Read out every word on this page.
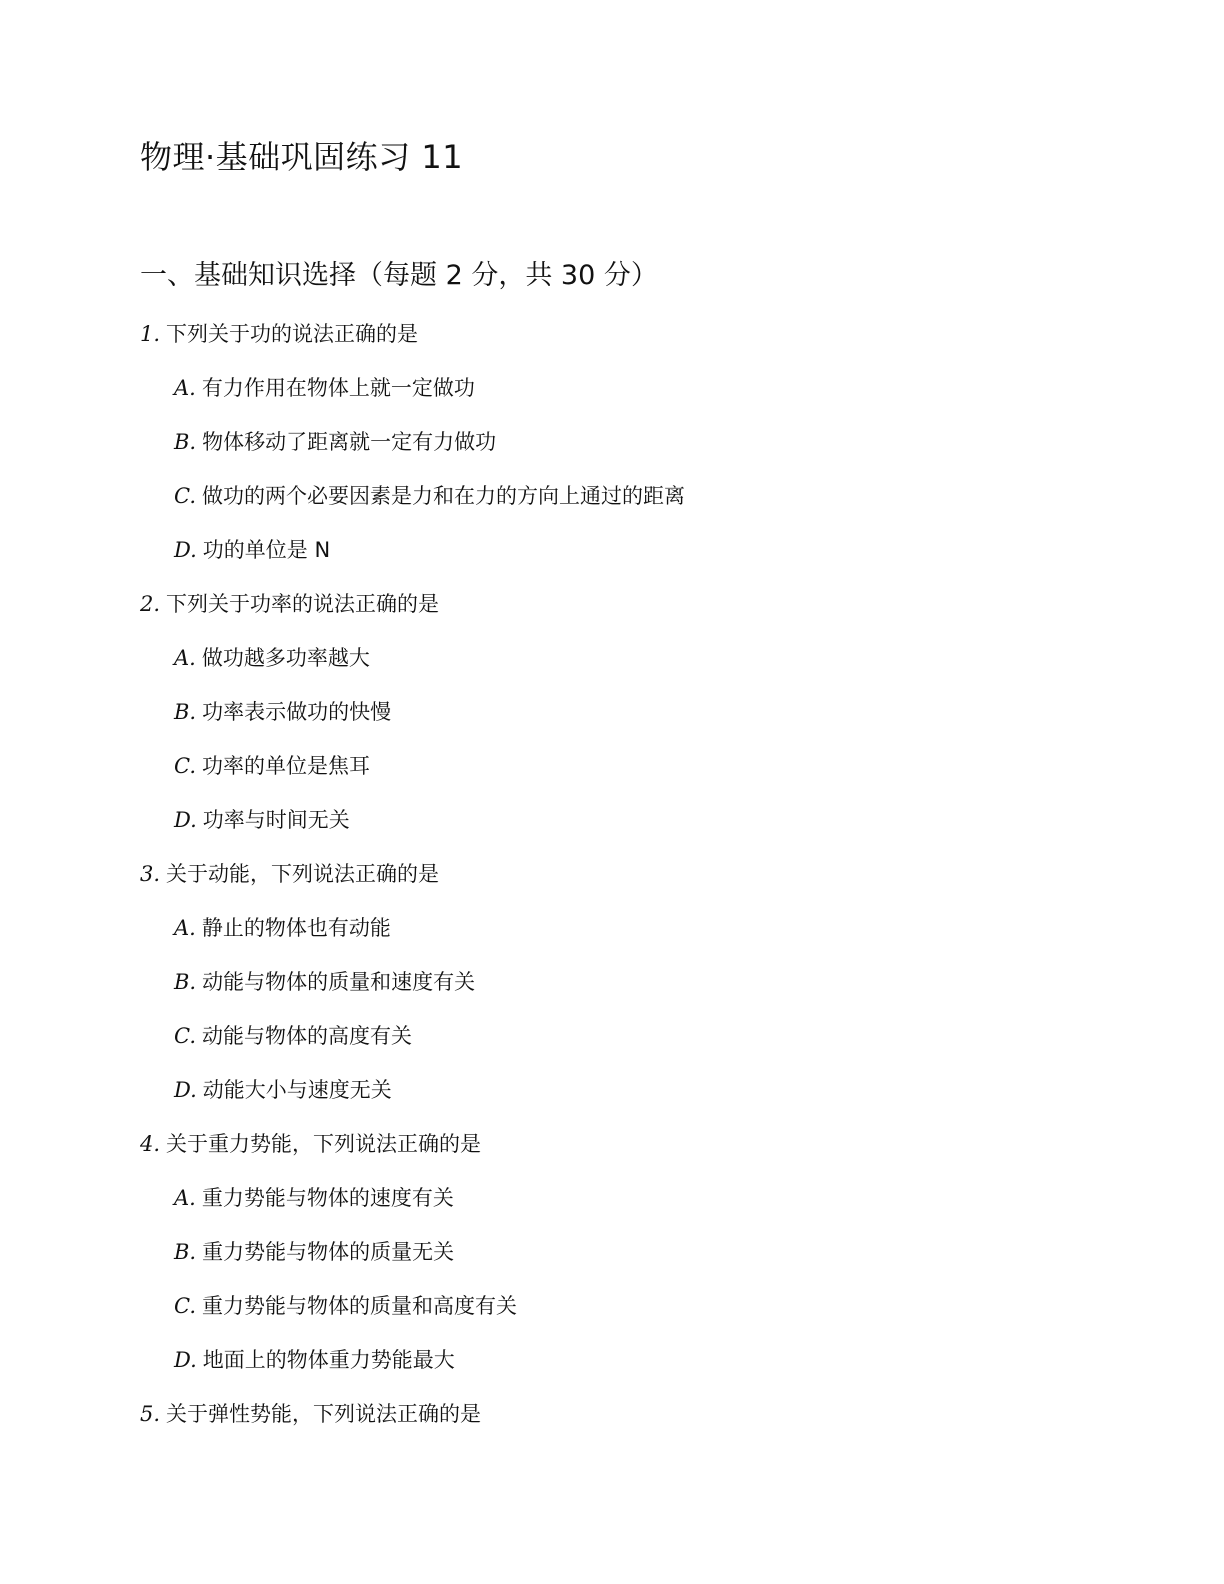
物理·基础巩固练习 11
一、基础知识选择（每题 2 分，共 30 分）
1. 下列关于功的说法正确的是
A. 有力作用在物体上就一定做功
B. 物体移动了距离就一定有力做功
C. 做功的两个必要因素是力和在力的方向上通过的距离
D. 功的单位是 N
2. 下列关于功率的说法正确的是
A. 做功越多功率越大
B. 功率表示做功的快慢
C. 功率的单位是焦耳
D. 功率与时间无关
3. 关于动能，下列说法正确的是
A. 静止的物体也有动能
B. 动能与物体的质量和速度有关
C. 动能与物体的高度有关
D. 动能大小与速度无关
4. 关于重力势能，下列说法正确的是
A. 重力势能与物体的速度有关
B. 重力势能与物体的质量无关
C. 重力势能与物体的质量和高度有关
D. 地面上的物体重力势能最大
5. 关于弹性势能，下列说法正确的是
